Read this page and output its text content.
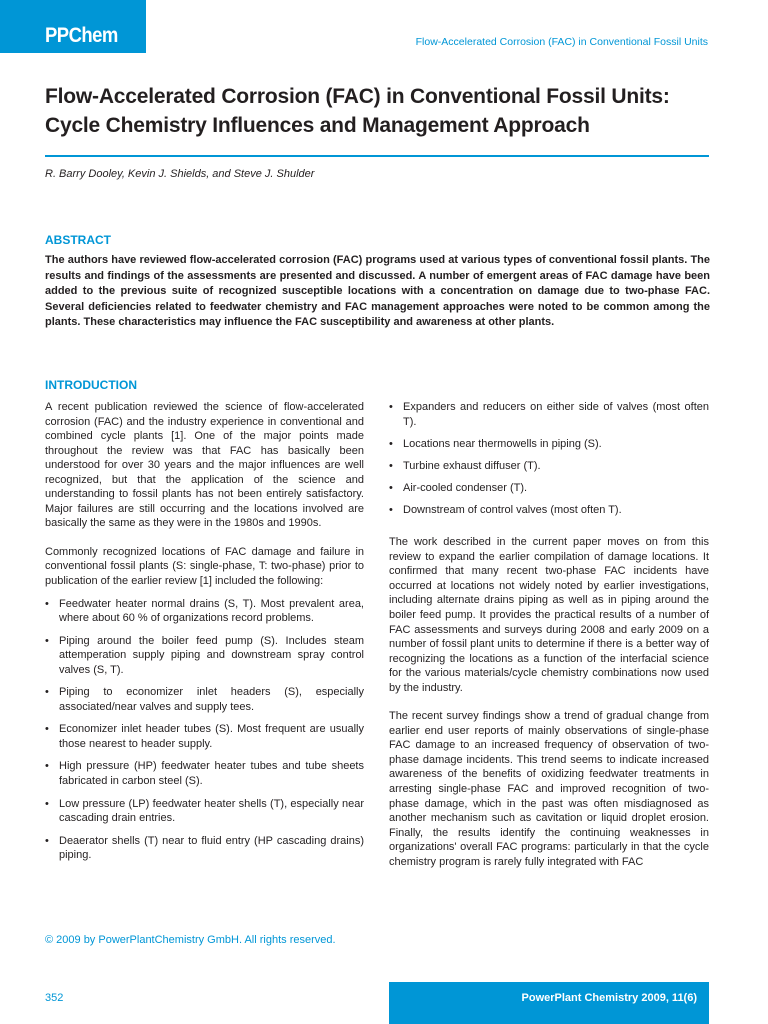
PPChem	Flow-Accelerated Corrosion (FAC) in Conventional Fossil Units
Flow-Accelerated Corrosion (FAC) in Conventional Fossil Units:
Cycle Chemistry Influences and Management Approach
R. Barry Dooley, Kevin J. Shields, and Steve J. Shulder
ABSTRACT

The authors have reviewed flow-accelerated corrosion (FAC) programs used at various types of conventional fossil plants. The results and findings of the assessments are presented and discussed. A number of emergent areas of FAC damage have been added to the previous suite of recognized susceptible locations with a concentration on damage due to two-phase FAC. Several deficiencies related to feedwater chemistry and FAC management approaches were noted to be common among the plants. These characteristics may influence the FAC susceptibility and awareness at other plants.

INTRODUCTION

A recent publication reviewed the science of flow-accelerated corrosion (FAC) and the industry experience in conventional and combined cycle plants [1]. One of the major points made throughout the review was that FAC has basically been understood for over 30 years and the major influences are well recognized, but that the application of the science and understanding to fossil plants has not been entirely satisfactory. Major failures are still occurring and the locations involved are basically the same as they were in the 1980s and 1990s.

Commonly recognized locations of FAC damage and failure in conventional fossil plants (S: single-phase, T: two-phase) prior to publication of the earlier review [1] included the following:

• Feedwater heater normal drains (S, T). Most prevalent area, where about 60 % of organizations record problems.
• Piping around the boiler feed pump (S). Includes steam attemperation supply piping and downstream spray control valves (S, T).
• Piping to economizer inlet headers (S), especially associated/near valves and supply tees.
• Economizer inlet header tubes (S). Most frequent are usually those nearest to header supply.
• High pressure (HP) feedwater heater tubes and tube sheets fabricated in carbon steel (S).
• Low pressure (LP) feedwater heater shells (T), especially near cascading drain entries.
• Deaerator shells (T) near to fluid entry (HP cascading drains) piping.
• Expanders and reducers on either side of valves (most often T).
• Locations near thermowells in piping (S).
• Turbine exhaust diffuser (T).
• Air-cooled condenser (T).
• Downstream of control valves (most often T).

The work described in the current paper moves on from this review to expand the earlier compilation of damage locations. It confirmed that many recent two-phase FAC incidents have occurred at locations not widely noted by earlier investigations, including alternate drains piping as well as in piping around the boiler feed pump. It provides the practical results of a number of FAC assessments and surveys during 2008 and early 2009 on a number of fossil plant units to determine if there is a better way of recognizing the locations as a function of the interfacial science for the various materials/cycle chemistry combinations now used by the industry.

The recent survey findings show a trend of gradual change from earlier end user reports of mainly observations of single-phase FAC damage to an increased frequency of observation of two-phase damage incidents. This trend seems to indicate increased awareness of the benefits of oxidizing feedwater treatments in arresting single-phase FAC and improved recognition of two-phase damage, which in the past was often misdiagnosed as another mechanism such as cavitation or liquid droplet erosion. Finally, the results identify the continuing weaknesses in organizations' overall FAC programs: particularly in that the cycle chemistry program is rarely fully integrated with FAC

© 2009 by PowerPlantChemistry GmbH. All rights reserved.
352	PowerPlant Chemistry 2009, 11(6)
